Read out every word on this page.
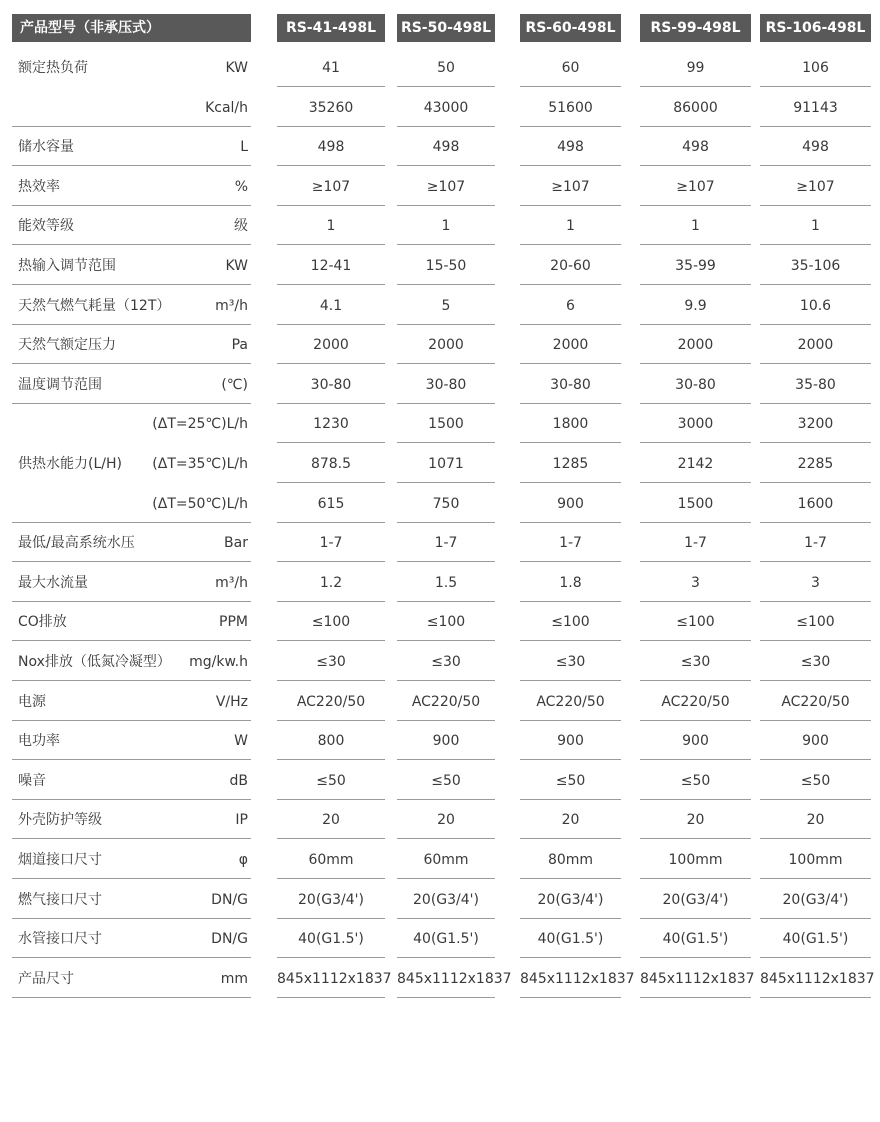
产品型号（非承压式）	RS-41-498L	RS-50-498L	RS-60-498L	RS-99-498L	RS-106-498L
额定热负荷	KW	41	50	60	99	106
Kcal/h	35260	43000	51600	86000	91143
储水容量	L	498	498	498	498	498
热效率	%	≥107	≥107	≥107	≥107	≥107
能效等级	级	1	1	1	1	1
热输入调节范围	KW	12-41	15-50	20-60	35-99	35-106
天然气燃气耗量（12T）	m³/h	4.1	5	6	9.9	10.6
天然气额定压力	Pa	2000	2000	2000	2000	2000
温度调节范围	(℃)	30-80	30-80	30-80	30-80	35-80
(ΔT=25℃)L/h	1230	1500	1800	3000	3200
供热水能力(L/H) (ΔT=35℃)L/h	878.5	1071	1285	2142	2285
(ΔT=50℃)L/h	615	750	900	1500	1600
最低/最高系统水压	Bar	1-7	1-7	1-7	1-7	1-7
最大水流量	m³/h	1.2	1.5	1.8	3	3
CO排放	PPM	≤100	≤100	≤100	≤100	≤100
Nox排放（低氮冷凝型） mg/kw.h	≤30	≤30	≤30	≤30	≤30
电源	V/Hz	AC220/50	AC220/50	AC220/50	AC220/50	AC220/50
电功率	W	800	900	900	900	900
噪音	dB	≤50	≤50	≤50	≤50	≤50
外壳防护等级	IP	20	20	20	20	20
烟道接口尺寸	φ	60mm	60mm	80mm	100mm	100mm
燃气接口尺寸	DN/G	20(G3/4')	20(G3/4')	20(G3/4')	20(G3/4')	20(G3/4')
水管接口尺寸	DN/G	40(G1.5')	40(G1.5')	40(G1.5')	40(G1.5')	40(G1.5')
产品尺寸	mm 845x1112x1837 845x1112x1837 845x1112x1837 845x1112x1837 845x1112x1837
